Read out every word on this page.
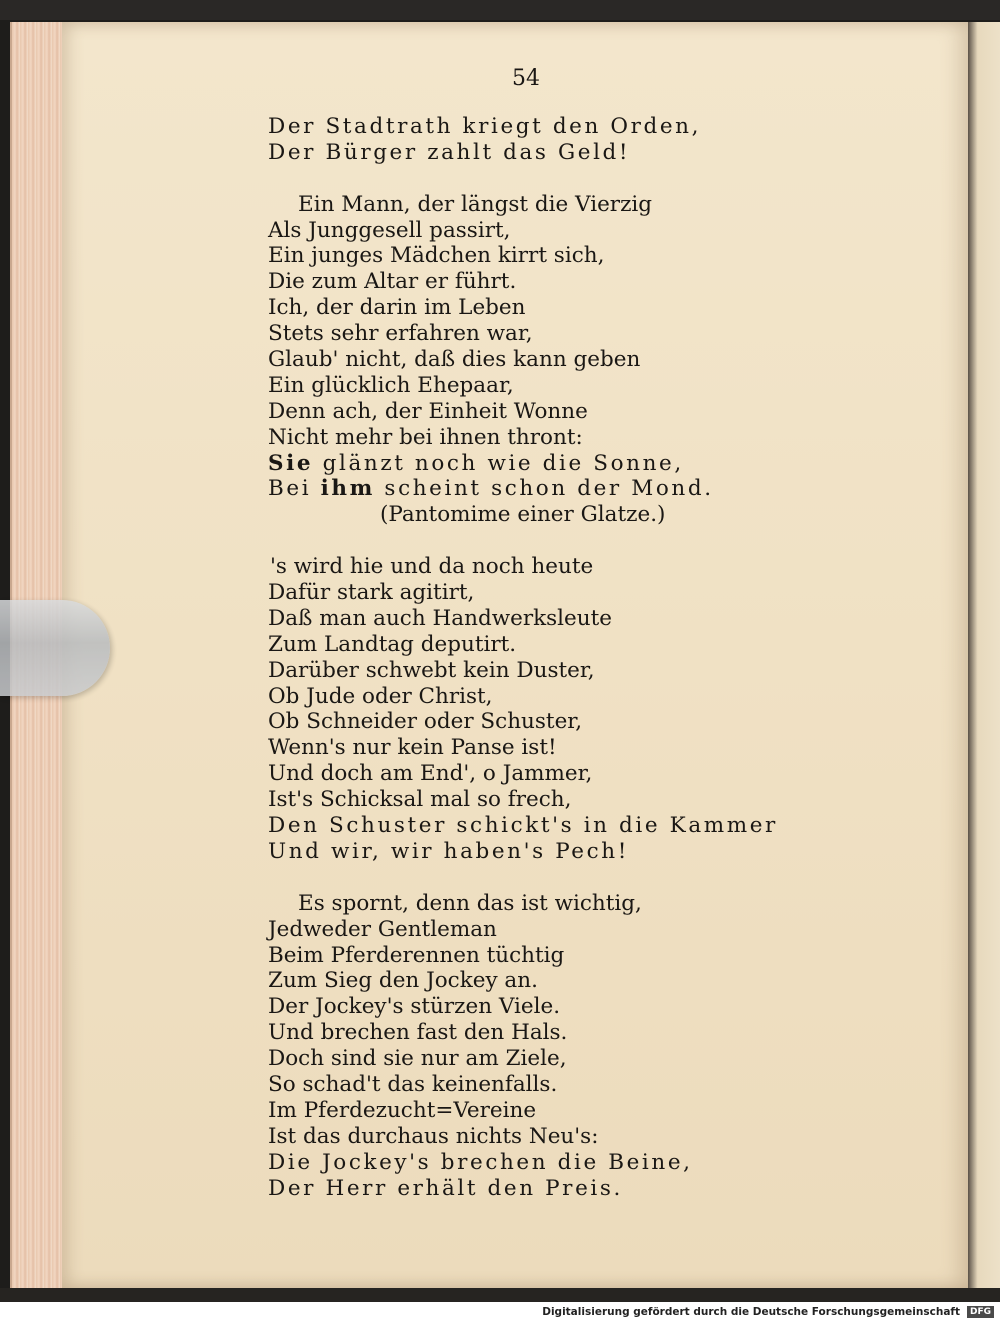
54
Der Stadtrath kriegt den Orden,
Der Bürger zahlt das Geld!
Ein Mann, der längst die Vierzig
Als Junggesell passirt,
Ein junges Mädchen kirrt sich,
Die zum Altar er führt.
Ich, der darin im Leben
Stets sehr erfahren war,
Glaub' nicht, daß dies kann geben
Ein glücklich Ehepaar,
Denn ach, der Einheit Wonne
Nicht mehr bei ihnen thront:
Sie glänzt noch wie die Sonne,
Bei ihm scheint schon der Mond.
(Pantomime einer Glatze.)
's wird hie und da noch heute
Dafür stark agitirt,
Daß man auch Handwerksleute
Zum Landtag deputirt.
Darüber schwebt kein Duster,
Ob Jude oder Christ,
Ob Schneider oder Schuster,
Wenn's nur kein Panse ist!
Und doch am End', o Jammer,
Ist's Schicksal mal so frech,
Den Schuster schickt's in die Kammer
Und wir, wir haben's Pech!
Es spornt, denn das ist wichtig,
Jedweder Gentleman
Beim Pferderennen tüchtig
Zum Sieg den Jockey an.
Der Jockey's stürzen Viele.
Und brechen fast den Hals.
Doch sind sie nur am Ziele,
So schad't das keinenfalls.
Im Pferdezucht=Vereine
Ist das durchaus nichts Neu's:
Die Jockey's brechen die Beine,
Der Herr erhält den Preis.
Digitalisierung gefördert durch die Deutsche Forschungsgemeinschaft	DFG
